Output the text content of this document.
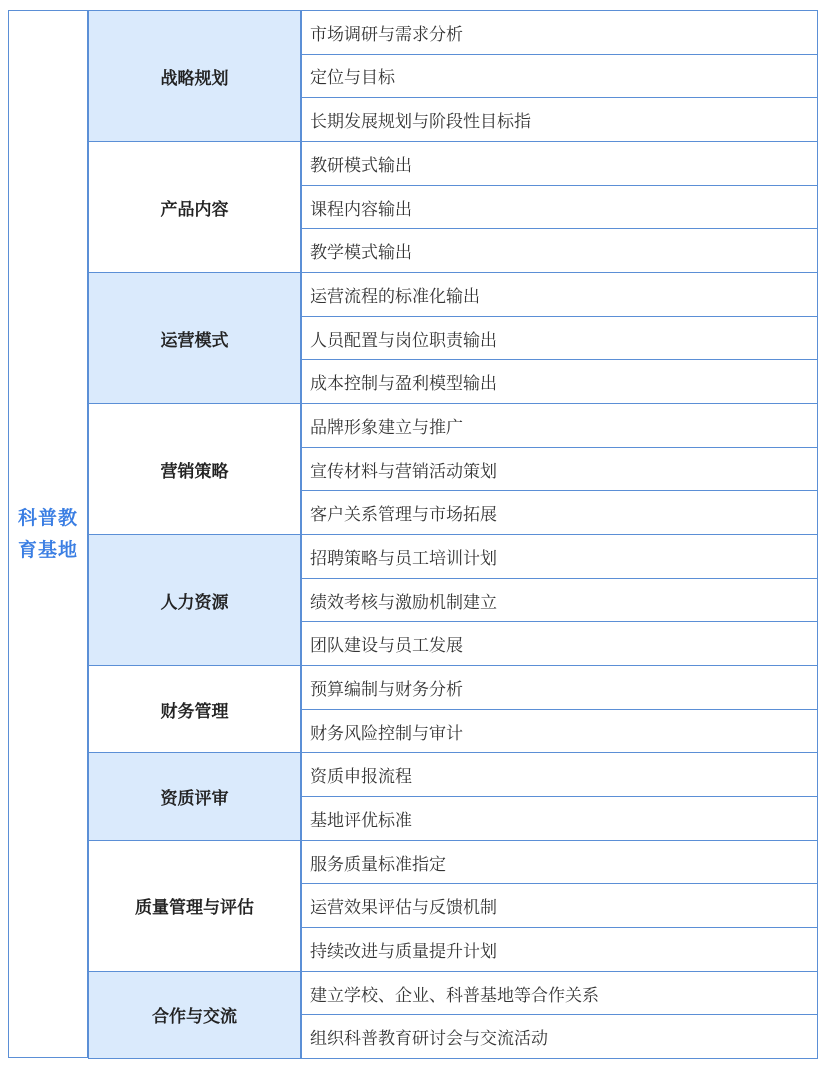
科普教育基地
战略规划
市场调研与需求分析
定位与目标
长期发展规划与阶段性目标指
产品内容
教研模式输出
课程内容输出
教学模式输出
运营模式
运营流程的标准化输出
人员配置与岗位职责输出
成本控制与盈利模型输出
营销策略
品牌形象建立与推广
宣传材料与营销活动策划
客户关系管理与市场拓展
人力资源
招聘策略与员工培训计划
绩效考核与激励机制建立
团队建设与员工发展
财务管理
预算编制与财务分析
财务风险控制与审计
资质评审
资质申报流程
基地评优标准
质量管理与评估
服务质量标准指定
运营效果评估与反馈机制
持续改进与质量提升计划
合作与交流
建立学校、企业、科普基地等合作关系
组织科普教育研讨会与交流活动
